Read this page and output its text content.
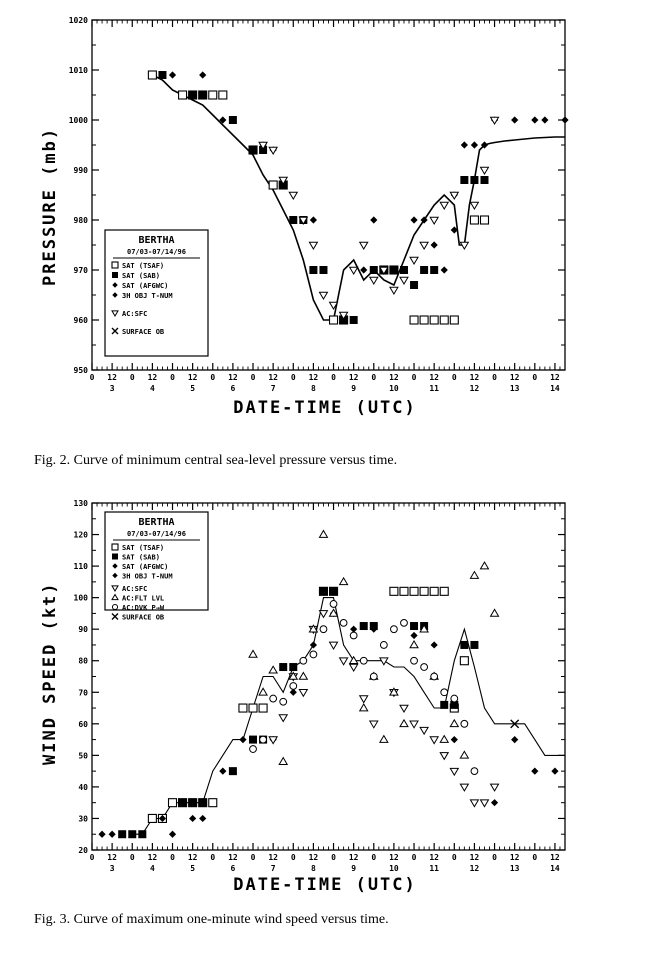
950
960
970
980
990
1000
1010
1020
0 12 0 12 0 12 0 12 0 12 0 12 0 12 0 12 0 12 0 12 0 12 0 12
3	4	5	6	7	8	9	10	11	12	13	14
BERTHA
07/03-07/14/96
SAT (TSAF)
SAT (SAB)
SAT (AFGWC)
3H OBJ T-NUM
AC:SFC
SURFACE OB
PRESSURE (mb)
DATE-TIME (UTC)
Fig. 2. Curve of minimum central sea-level pressure versus time.
20
30
40
50
60
70
80
90
100
110
120
130
0 12 0 12 0 12 0 12 0 12 0 12 0 12 0 12 0 12 0 12 0 12 0 12
3	4	5	6	7	8	9	10	11	12	13	14
BERTHA
07/03-07/14/96
SAT (TSAF)
SAT (SAB)
SAT (AFGWC)
3H OBJ T-NUM
AC:SFC
AC:FLT LVL
AC:DVK P→W
SURFACE OB
WIND SPEED (kt)
DATE-TIME (UTC)
Fig. 3. Curve of maximum one-minute wind speed versus time.
